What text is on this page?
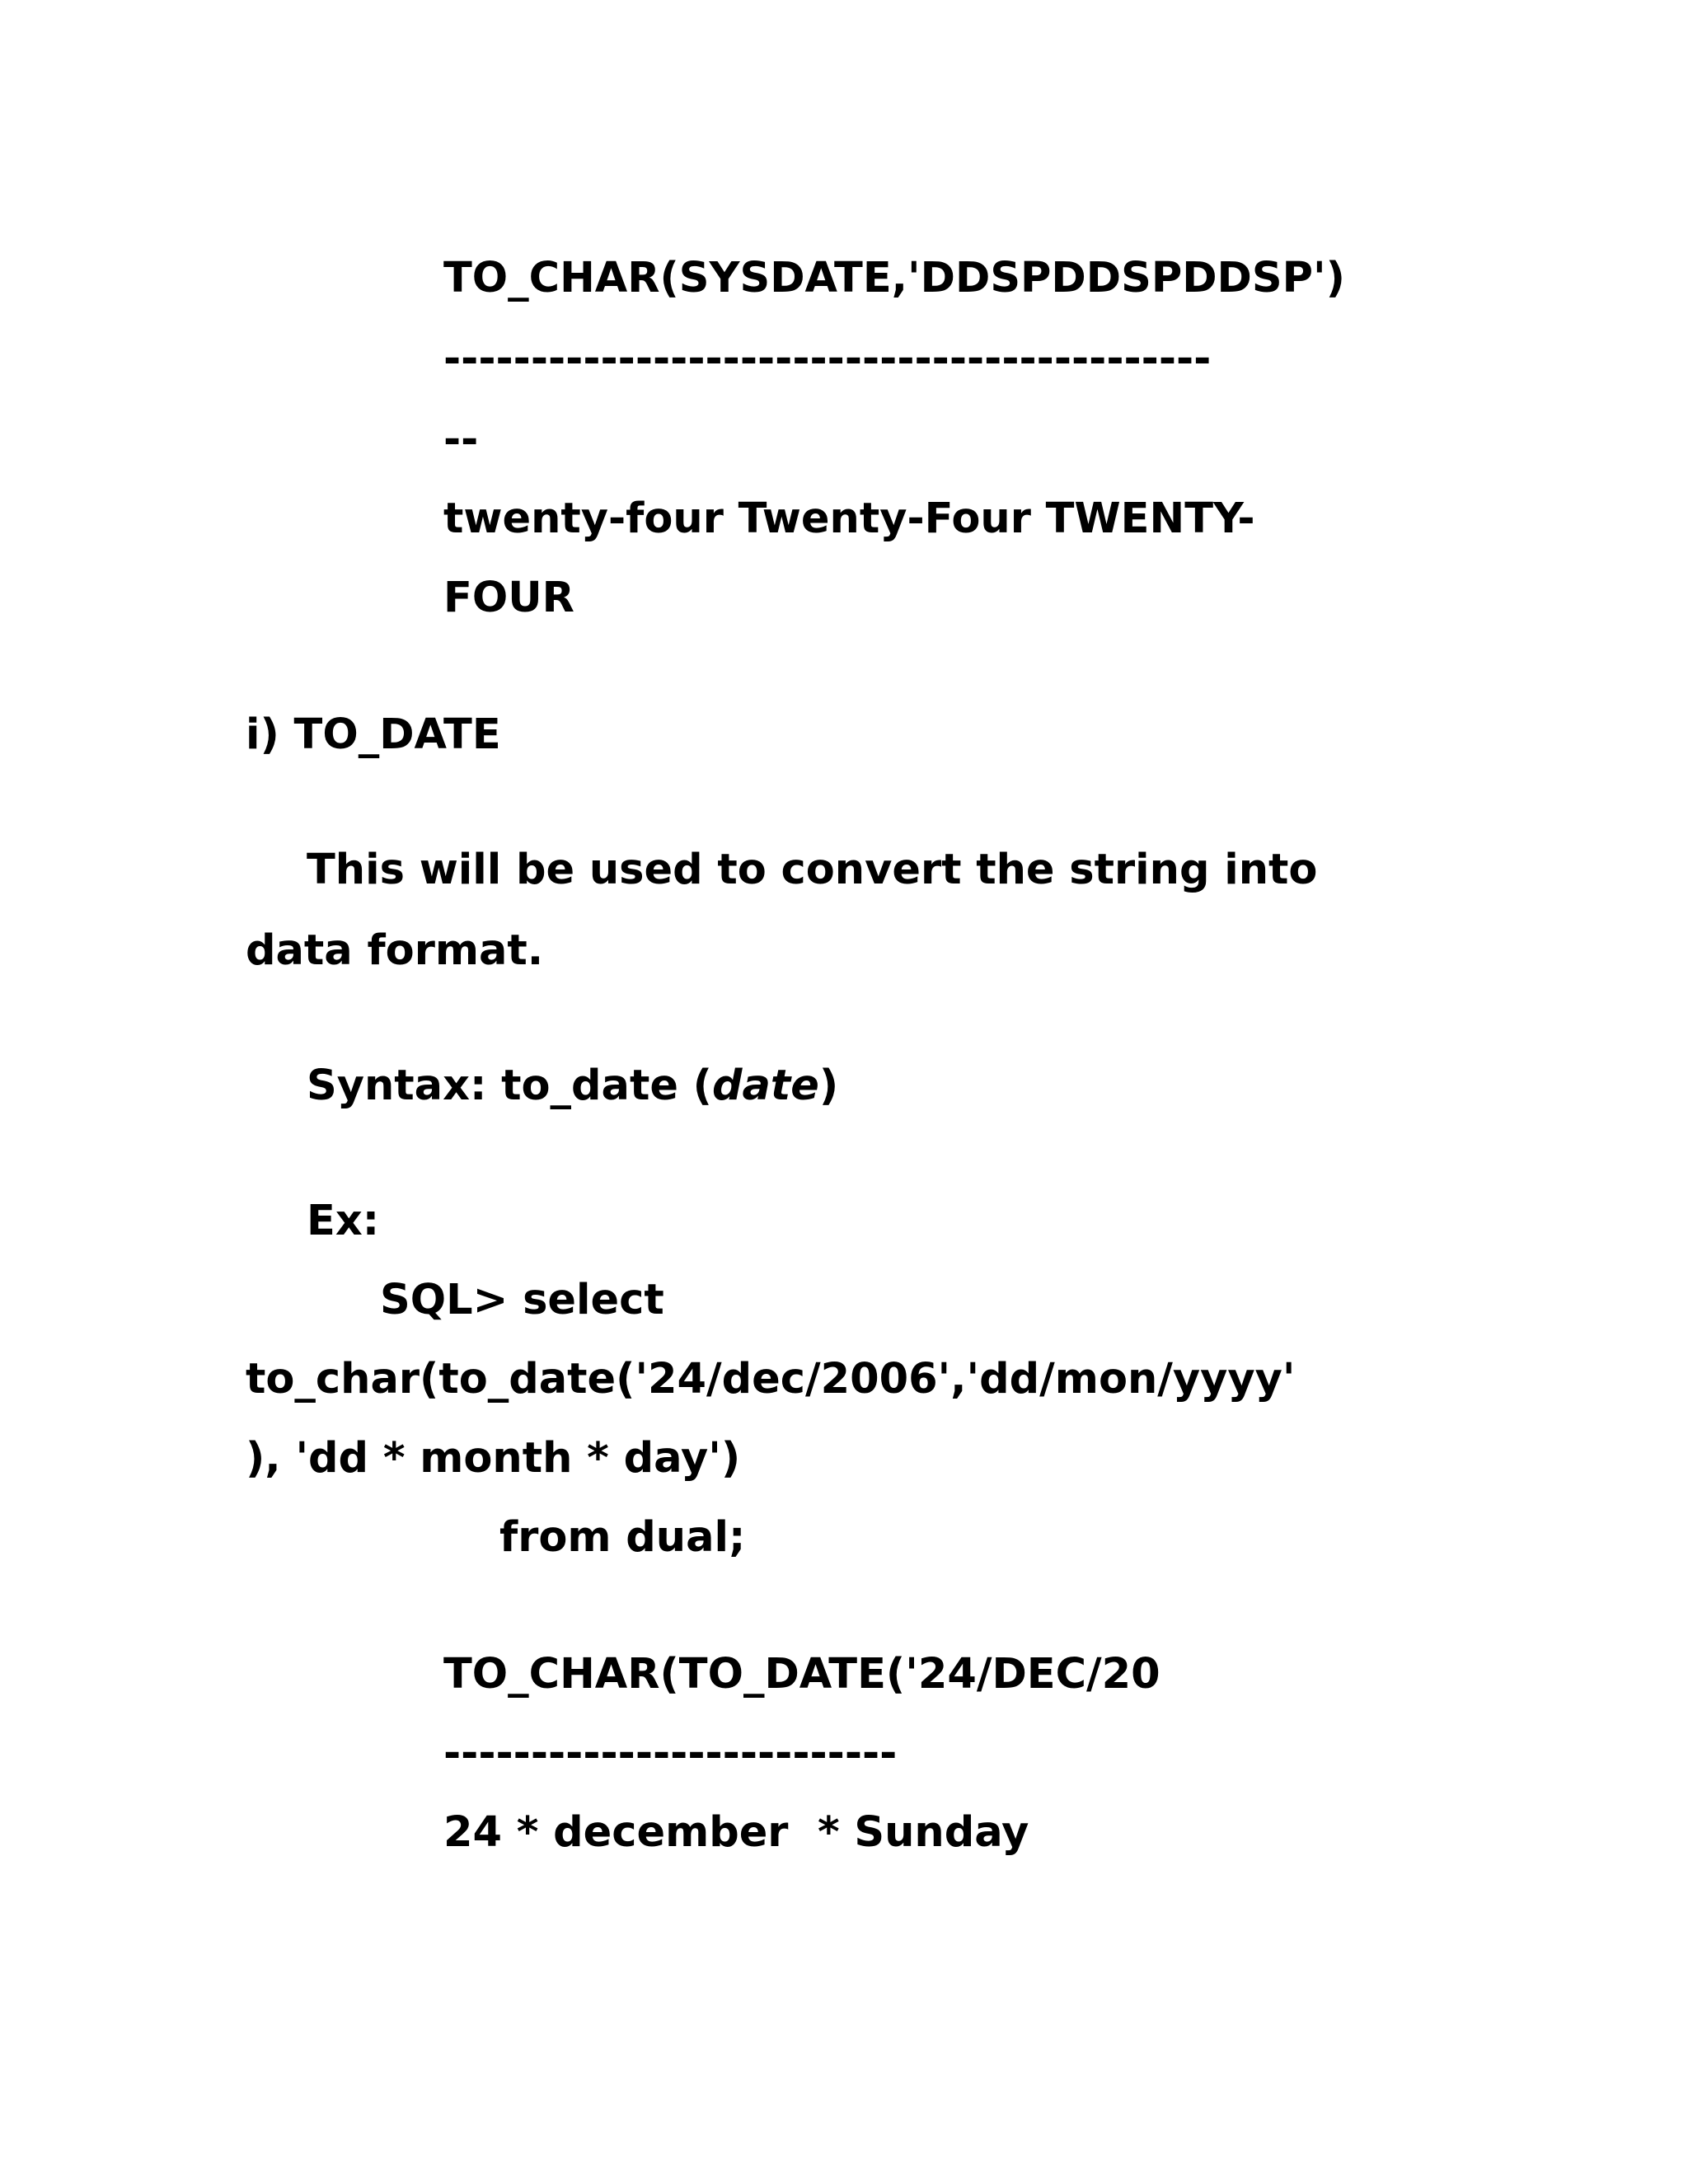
TO_CHAR(SYSDATE,'DDSPDDSPDDSP')
--------------------------------------------
--
twenty-four Twenty-Four TWENTY-
FOUR
i) TO_DATE
This will be used to convert the string into
data format.
Syntax: to_date (date)
Ex:
SQL> select
to_char(to_date('24/dec/2006','dd/mon/yyyy'
), 'dd * month * day')
from dual;
TO_CHAR(TO_DATE('24/DEC/20
--------------------------
24 * december  * Sunday
